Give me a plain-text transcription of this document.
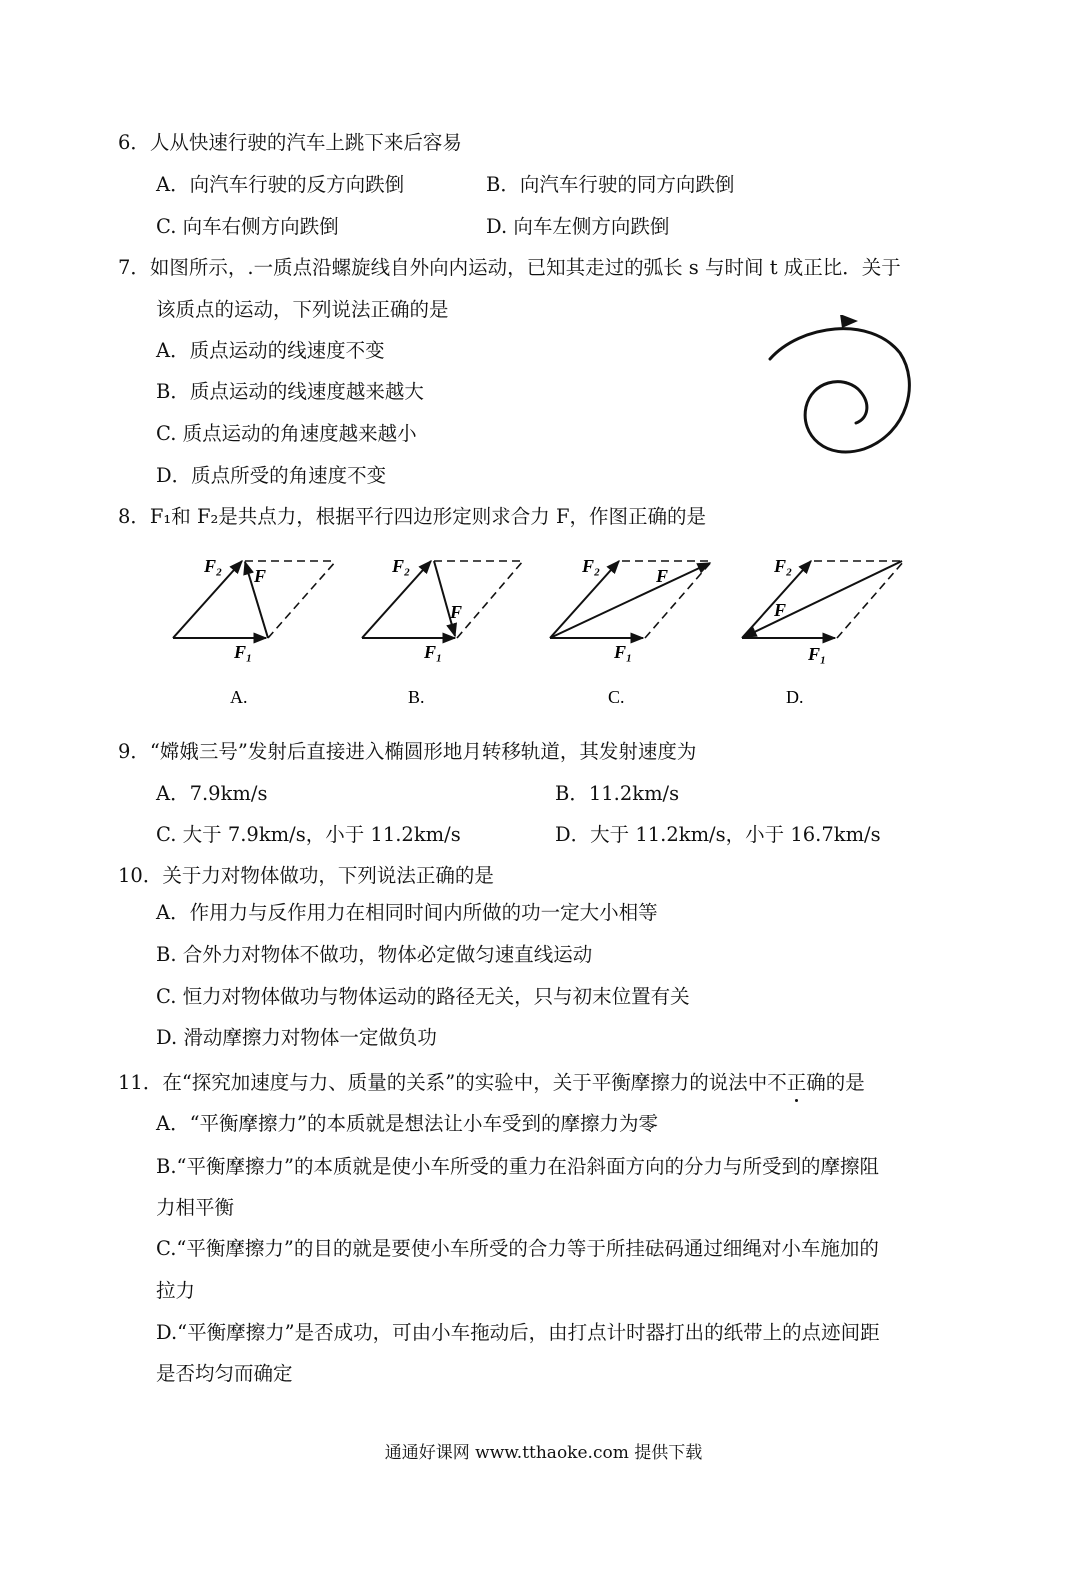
6．人从快速行驶的汽车上跳下来后容易
A．向汽车行驶的反方向跌倒	B．向汽车行驶的同方向跌倒
C. 向车右侧方向跌倒	D. 向车左侧方向跌倒
7．如图所示，.一质点沿螺旋线自外向内运动，已知其走过的弧长 s 与时间 t 成正比．关于
该质点的运动，下列说法正确的是
A．质点运动的线速度不变
B．质点运动的线速度越来越大
C. 质点运动的角速度越来越小
D．质点所受的角速度不变
8．F₁和 F₂是共点力，根据平行四边形定则求合力 F，作图正确的是
F₂ F
F₁
A.
F₂
F
F₁
B.
F₂	F
F₁
C.
F₂
F
F₁
D.
9．“嫦娥三号”发射后直接进入椭圆形地月转移轨道，其发射速度为
A．7.9km/s	B．11.2km/s
C. 大于 7.9km/s，小于 11.2km/s	D．大于 11.2km/s，小于 16.7km/s
10．关于力对物体做功，下列说法正确的是
A．作用力与反作用力在相同时间内所做的功一定大小相等
B. 合外力对物体不做功，物体必定做匀速直线运动
C. 恒力对物体做功与物体运动的路径无关，只与初末位置有关
D. 滑动摩擦力对物体一定做负功
11．在“探究加速度与力、质量的关系”的实验中，关于平衡摩擦力的说法中不正确的是
A．“平衡摩擦力”的本质就是想法让小车受到的摩擦力为零
B.“平衡摩擦力”的本质就是使小车所受的重力在沿斜面方向的分力与所受到的摩擦阻
力相平衡
C.“平衡摩擦力”的目的就是要使小车所受的合力等于所挂砝码通过细绳对小车施加的
拉力
D.“平衡摩擦力”是否成功，可由小车拖动后，由打点计时器打出的纸带上的点迹间距
是否均匀而确定
通通好课网 www.tthaoke.com 提供下载
